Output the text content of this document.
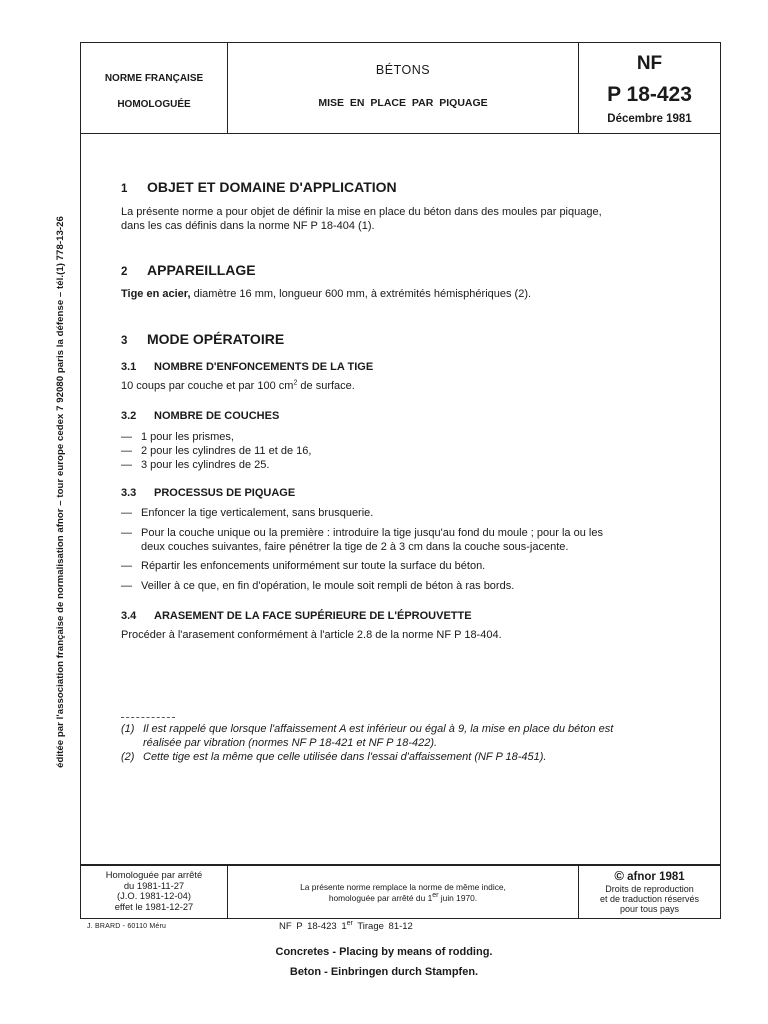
éditée par l'association française de normalisation afnor – tour europe cedex 7 92080 paris la défense – tél.(1) 778-13-26
NORME FRANÇAISE
HOMOLOGUÉE
BÉTONS
MISE EN PLACE PAR PIQUAGE
NF
P 18-423
Décembre 1981
1	OBJET ET DOMAINE D'APPLICATION
La présente norme a pour objet de définir la mise en place du béton dans des moules par piquage,
dans les cas définis dans la norme NF P 18-404 (1).
2	APPAREILLAGE
Tige en acier, diamètre 16 mm, longueur 600 mm, à extrémités hémisphériques (2).
3	MODE OPÉRATOIRE
3.1	NOMBRE D'ENFONCEMENTS DE LA TIGE
10 coups par couche et par 100 $cm^2$ de surface.
3.2	NOMBRE DE COUCHES
— 1 pour les prismes,
— 2 pour les cylindres de 11 et de 16,
— 3 pour les cylindres de 25.
3.3	PROCESSUS DE PIQUAGE
— Enfoncer la tige verticalement, sans brusquerie.
— Pour la couche unique ou la première : introduire la tige jusqu'au fond du moule ; pour la ou les
deux couches suivantes, faire pénétrer la tige de 2 à 3 cm dans la couche sous-jacente.
— Répartir les enfoncements uniformément sur toute la surface du béton.
— Veiller à ce que, en fin d'opération, le moule soit rempli de béton à ras bords.
3.4	ARASEMENT DE LA FACE SUPÉRIEURE DE L'ÉPROUVETTE
Procéder à l'arasement conformément à l'article 2.8 de la norme NF P 18-404.
(1) Il est rappelé que lorsque l'affaissement A est inférieur ou égal à 9, la mise en place du béton est
réalisée par vibration (normes NF P 18-421 et NF P 18-422).
(2) Cette tige est la même que celle utilisée dans l'essai d'affaissement (NF P 18-451).
Homologuée par arrêté
du 1981-11-27
(J.O. 1981-12-04)
effet le 1981-12-27
La présente norme remplace la norme de même indice,
homologuée par arrêté du 1er juin 1970.
© afnor 1981
Droits de reproduction
et de traduction réservés
pour tous pays
J. BRARD - 60110 Méru	NF P 18-423 1er Tirage 81-12
Concretes - Placing by means of rodding.
Beton - Einbringen durch Stampfen.
